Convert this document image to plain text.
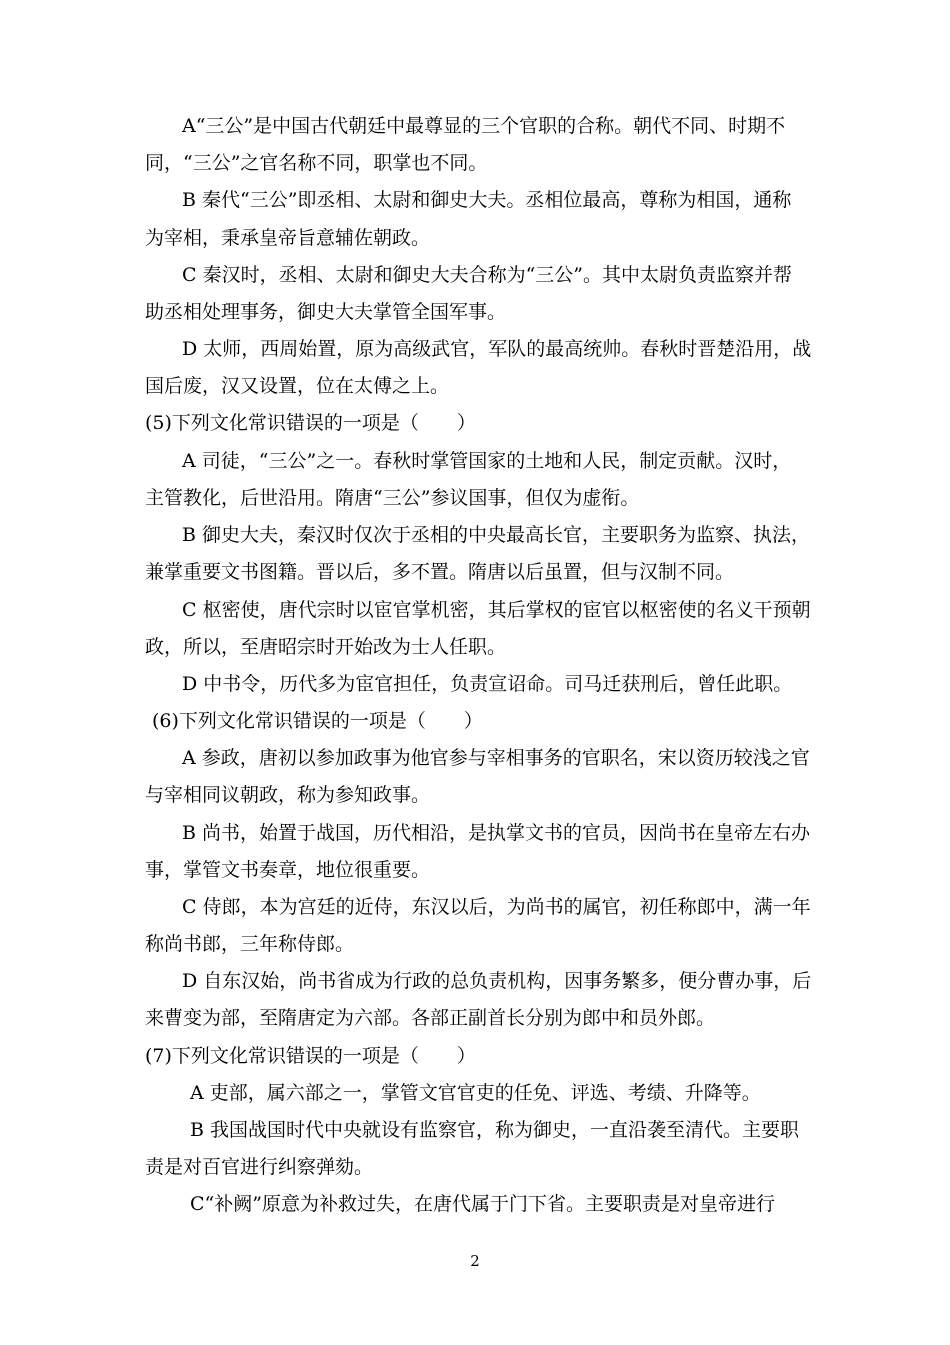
A“三公”是中国古代朝廷中最尊显的三个官职的合称。朝代不同、时期不
同，“三公”之官名称不同，职掌也不同。
B 秦代“三公”即丞相、太尉和御史大夫。丞相位最高，尊称为相国，通称
为宰相，秉承皇帝旨意辅佐朝政。
C 秦汉时，丞相、太尉和御史大夫合称为“三公”。其中太尉负责监察并帮
助丞相处理事务，御史大夫掌管全国军事。
D 太师，西周始置，原为高级武官，军队的最高统帅。春秋时晋楚沿用，战
国后废，汉又设置，位在太傅之上。
(5)下列文化常识错误的一项是（　　）
A 司徒，“三公”之一。春秋时掌管国家的土地和人民，制定贡献。汉时，
主管教化，后世沿用。隋唐“三公”参议国事，但仅为虚衔。
B 御史大夫，秦汉时仅次于丞相的中央最高长官，主要职务为监察、执法，
兼掌重要文书图籍。晋以后，多不置。隋唐以后虽置，但与汉制不同。
C 枢密使，唐代宗时以宦官掌机密，其后掌权的宦官以枢密使的名义干预朝
政，所以，至唐昭宗时开始改为士人任职。
D 中书令，历代多为宦官担任，负责宣诏命。司马迁获刑后，曾任此职。
(6)下列文化常识错误的一项是（　　）
A 参政，唐初以参加政事为他官参与宰相事务的官职名，宋以资历较浅之官
与宰相同议朝政，称为参知政事。
B 尚书，始置于战国，历代相沿，是执掌文书的官员，因尚书在皇帝左右办
事，掌管文书奏章，地位很重要。
C 侍郎，本为宫廷的近侍，东汉以后，为尚书的属官，初任称郎中，满一年
称尚书郎，三年称侍郎。
D 自东汉始，尚书省成为行政的总负责机构，因事务繁多，便分曹办事，后
来曹变为部，至隋唐定为六部。各部正副首长分别为郎中和员外郎。
(7)下列文化常识错误的一项是（　　）
A 吏部，属六部之一，掌管文官官吏的任免、评选、考绩、升降等。
B 我国战国时代中央就设有监察官，称为御史，一直沿袭至清代。主要职
责是对百官进行纠察弹劾。
C“补阙”原意为补救过失，在唐代属于门下省。主要职责是对皇帝进行
2
